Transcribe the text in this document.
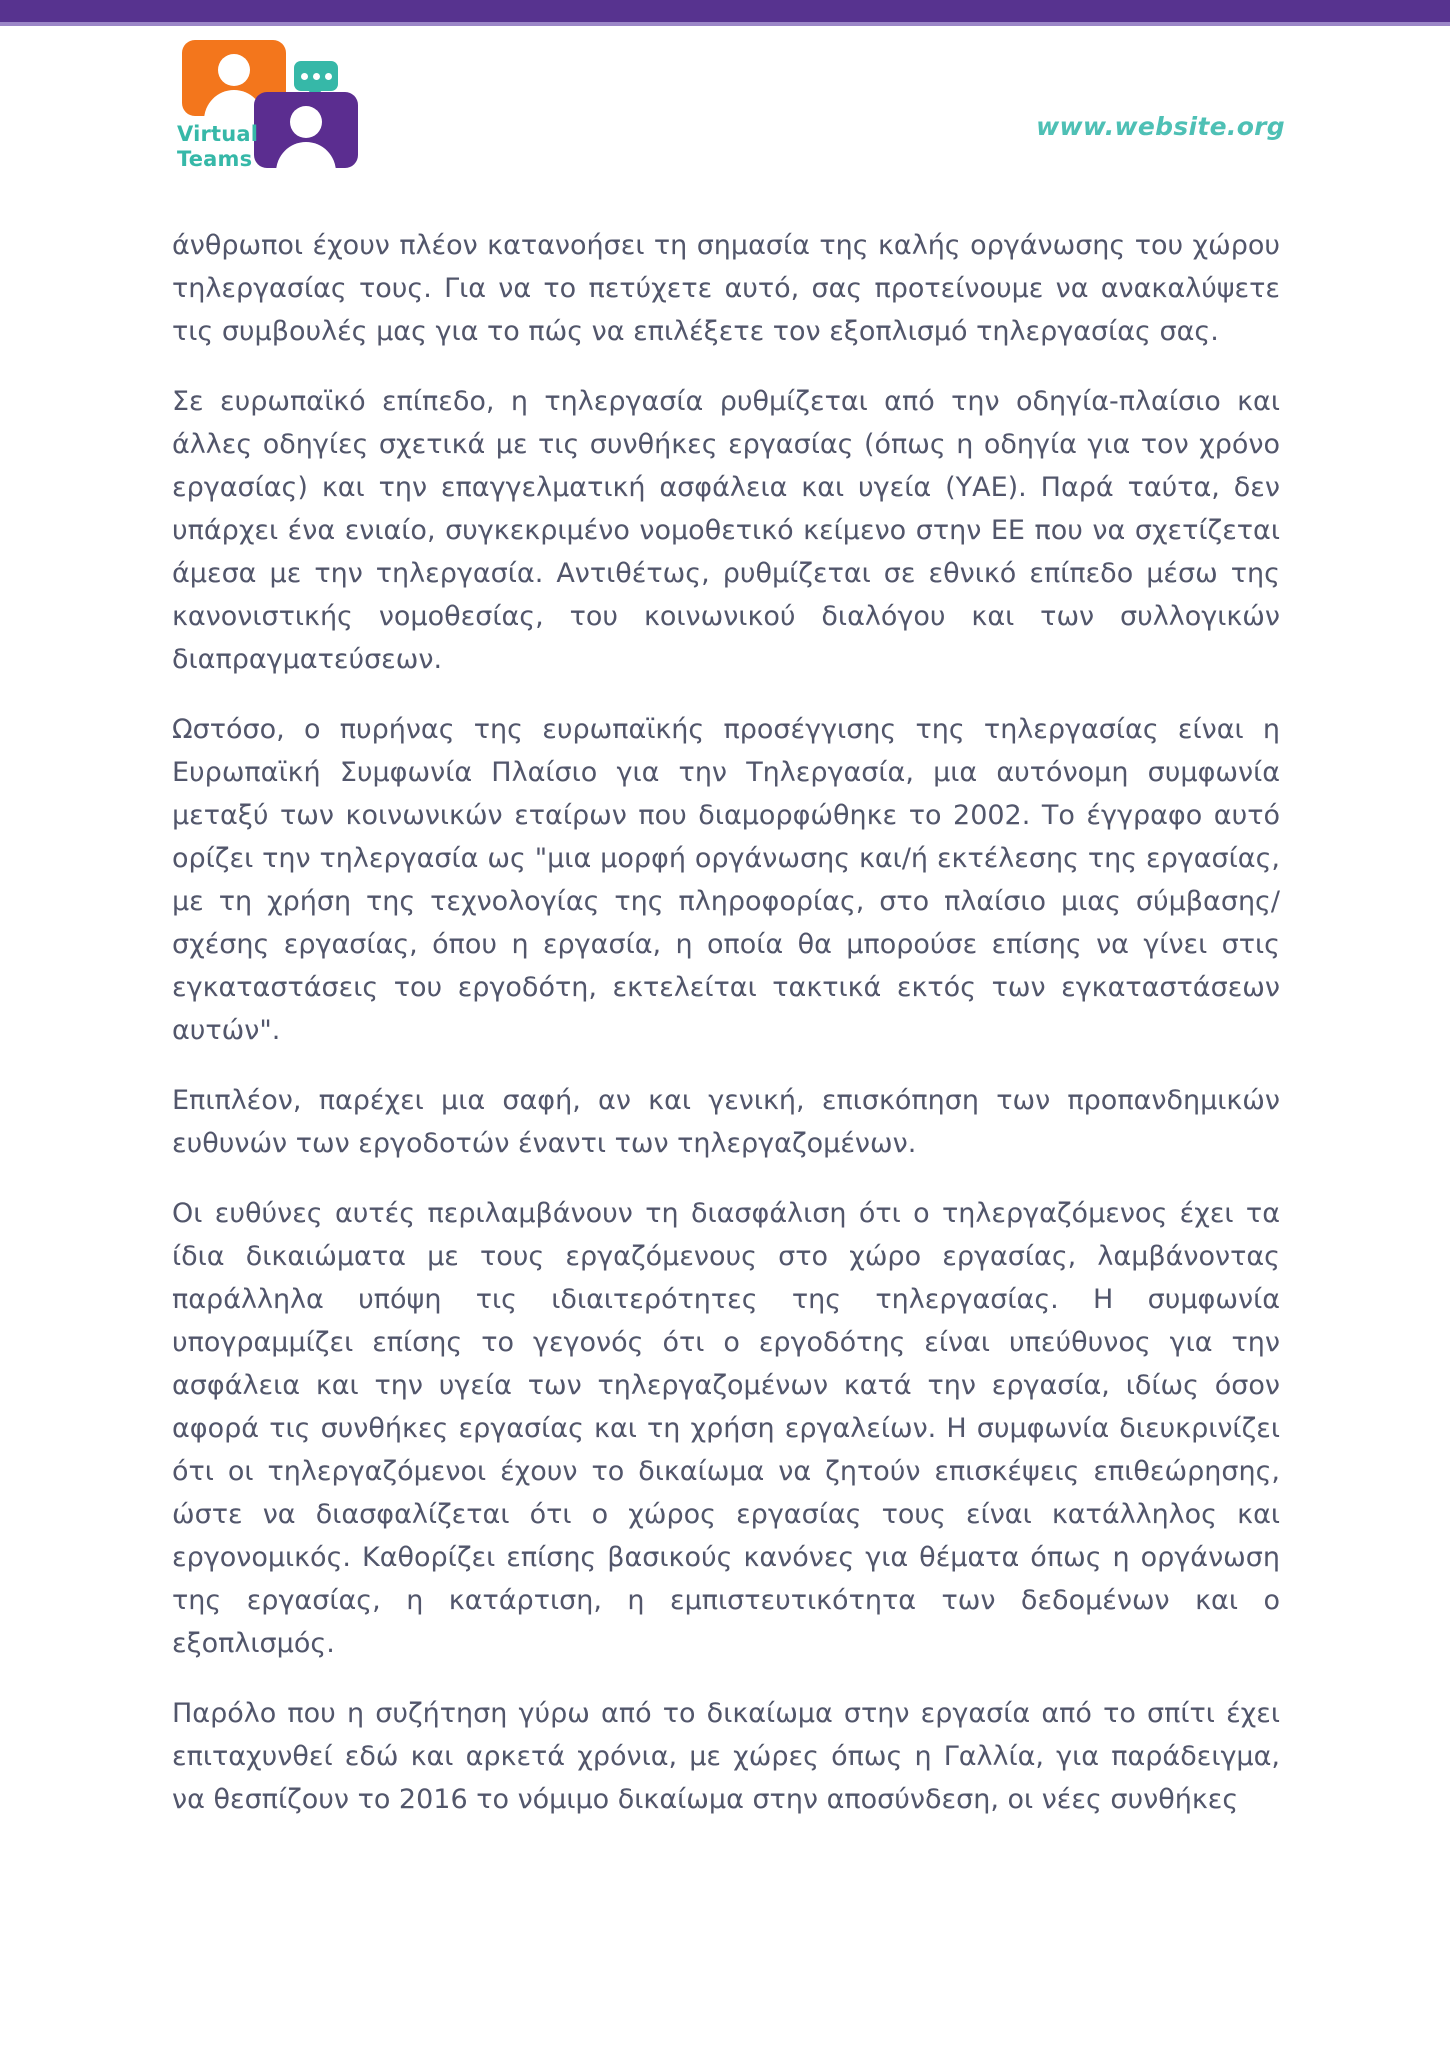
Virtual
Teams
www.website.org

άνθρωποι έχουν πλέον κατανοήσει τη σημασία της καλής οργάνωσης του χώρου τηλεργασίας τους. Για να το πετύχετε αυτό, σας προτείνουμε να ανακαλύψετε τις συμβουλές μας για το πώς να επιλέξετε τον εξοπλισμό τηλεργασίας σας.

Σε ευρωπαϊκό επίπεδο, η τηλεργασία ρυθμίζεται από την οδηγία-πλαίσιο και άλλες οδηγίες σχετικά με τις συνθήκες εργασίας (όπως η οδηγία για τον χρόνο εργασίας) και την επαγγελματική ασφάλεια και υγεία (ΥΑΕ). Παρά ταύτα, δεν υπάρχει ένα ενιαίο, συγκεκριμένο νομοθετικό κείμενο στην ΕΕ που να σχετίζεται άμεσα με την τηλεργασία. Αντιθέτως, ρυθμίζεται σε εθνικό επίπεδο μέσω της κανονιστικής νομοθεσίας, του κοινωνικού διαλόγου και των συλλογικών διαπραγματεύσεων.

Ωστόσο, ο πυρήνας της ευρωπαϊκής προσέγγισης της τηλεργασίας είναι η Ευρωπαϊκή Συμφωνία Πλαίσιο για την Τηλεργασία, μια αυτόνομη συμφωνία μεταξύ των κοινωνικών εταίρων που διαμορφώθηκε το 2002. Το έγγραφο αυτό ορίζει την τηλεργασία ως "μια μορφή οργάνωσης και/ή εκτέλεσης της εργασίας, με τη χρήση της τεχνολογίας της πληροφορίας, στο πλαίσιο μιας σύμβασης/σχέσης εργασίας, όπου η εργασία, η οποία θα μπορούσε επίσης να γίνει στις εγκαταστάσεις του εργοδότη, εκτελείται τακτικά εκτός των εγκαταστάσεων αυτών".

Επιπλέον, παρέχει μια σαφή, αν και γενική, επισκόπηση των προπανδημικών ευθυνών των εργοδοτών έναντι των τηλεργαζομένων.

Οι ευθύνες αυτές περιλαμβάνουν τη διασφάλιση ότι ο τηλεργαζόμενος έχει τα ίδια δικαιώματα με τους εργαζόμενους στο χώρο εργασίας, λαμβάνοντας παράλληλα υπόψη τις ιδιαιτερότητες της τηλεργασίας. Η συμφωνία υπογραμμίζει επίσης το γεγονός ότι ο εργοδότης είναι υπεύθυνος για την ασφάλεια και την υγεία των τηλεργαζομένων κατά την εργασία, ιδίως όσον αφορά τις συνθήκες εργασίας και τη χρήση εργαλείων. Η συμφωνία διευκρινίζει ότι οι τηλεργαζόμενοι έχουν το δικαίωμα να ζητούν επισκέψεις επιθεώρησης, ώστε να διασφαλίζεται ότι ο χώρος εργασίας τους είναι κατάλληλος και εργονομικός. Καθορίζει επίσης βασικούς κανόνες για θέματα όπως η οργάνωση της εργασίας, η κατάρτιση, η εμπιστευτικότητα των δεδομένων και ο εξοπλισμός.

Παρόλο που η συζήτηση γύρω από το δικαίωμα στην εργασία από το σπίτι έχει επιταχυνθεί εδώ και αρκετά χρόνια, με χώρες όπως η Γαλλία, για παράδειγμα, να θεσπίζουν το 2016 το νόμιμο δικαίωμα στην αποσύνδεση, οι νέες συνθήκες
